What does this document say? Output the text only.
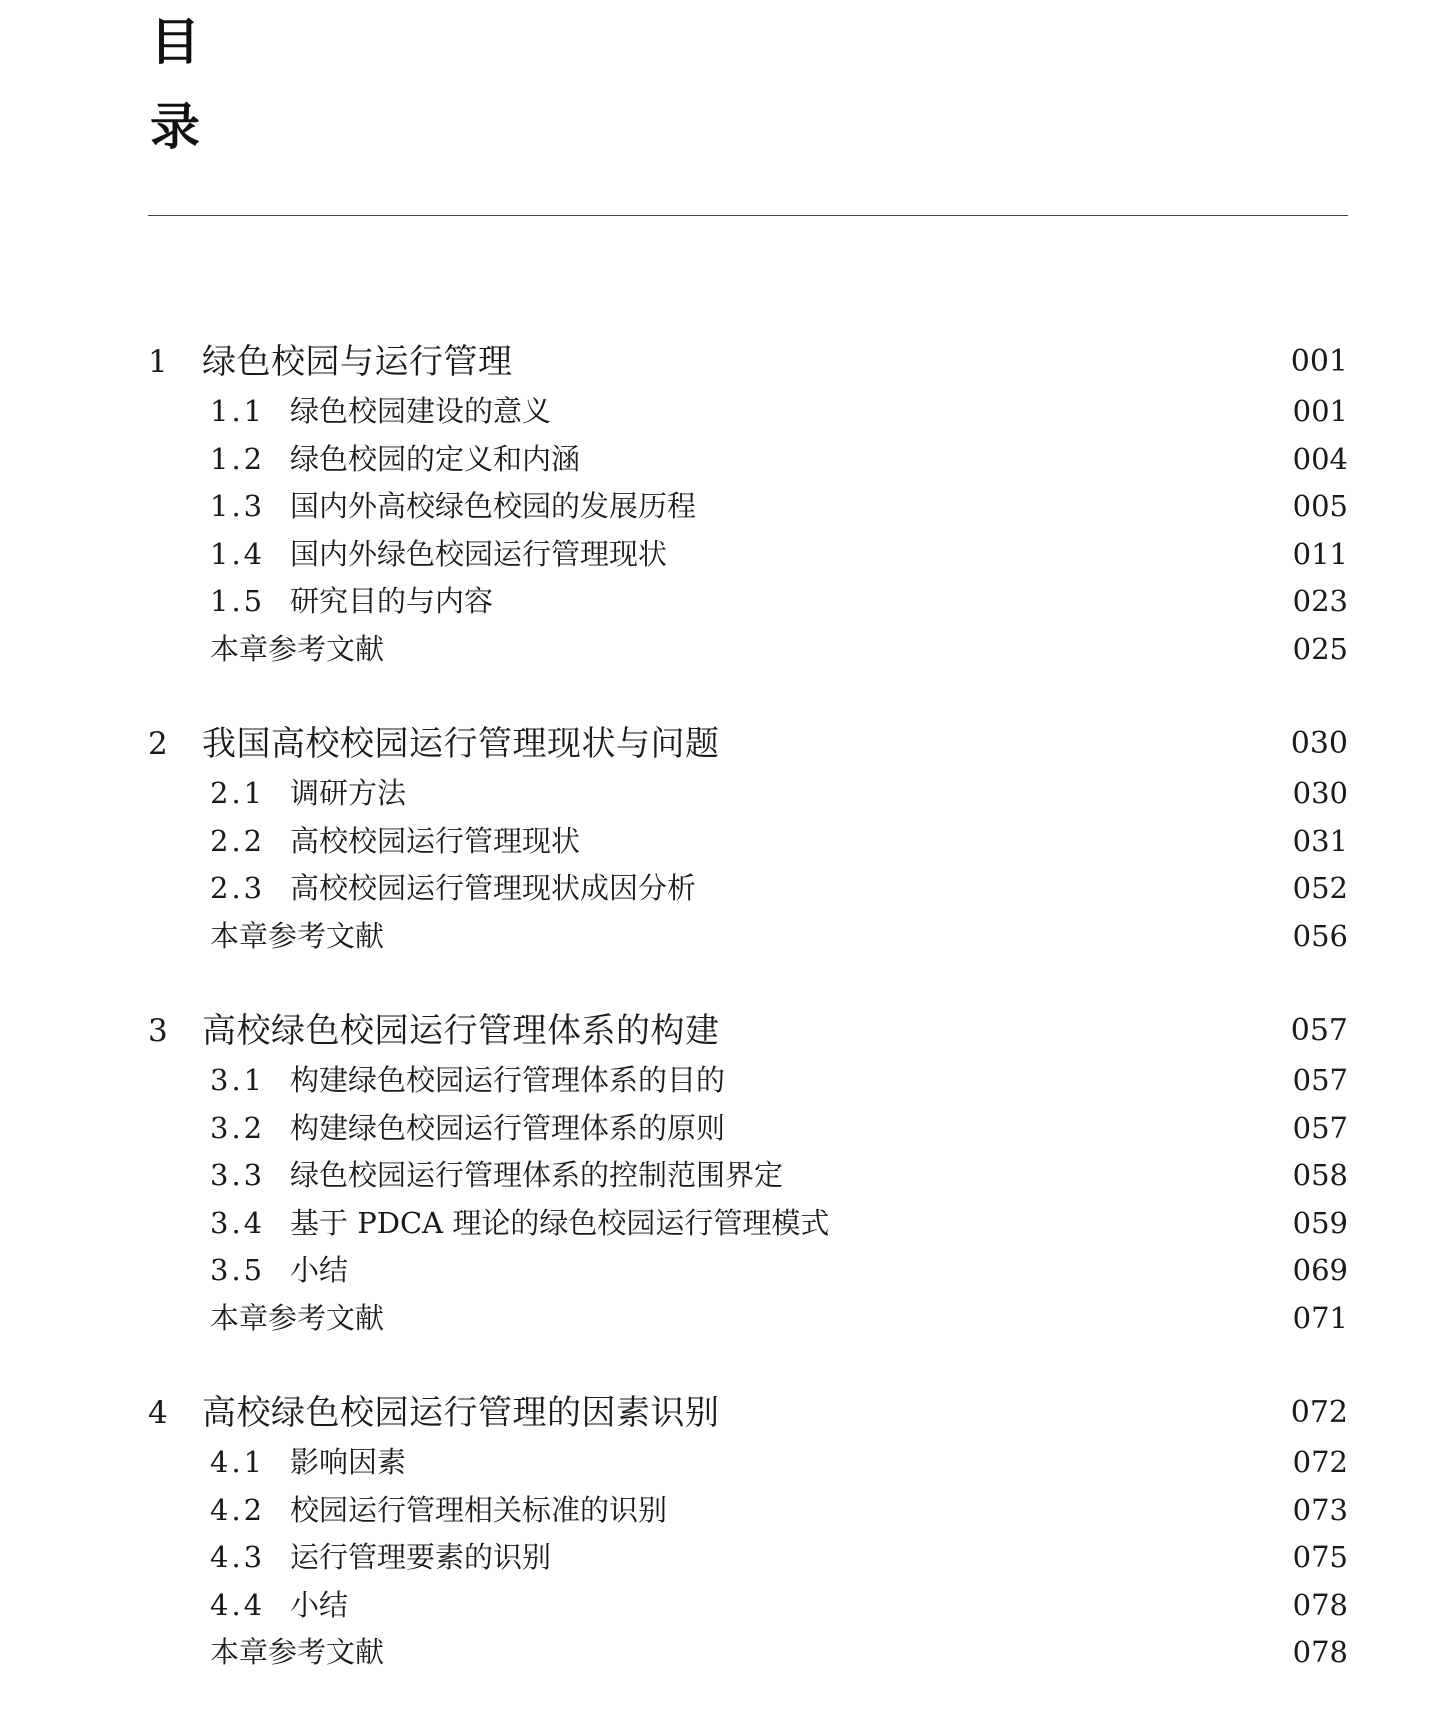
目
录
1 绿色校园与运行管理	001
1.1 绿色校园建设的意义	001
1.2 绿色校园的定义和内涵	004
1.3 国内外高校绿色校园的发展历程	005
1.4 国内外绿色校园运行管理现状	011
1.5 研究目的与内容	023
本章参考文献	025
2 我国高校校园运行管理现状与问题	030
2.1 调研方法	030
2.2 高校校园运行管理现状	031
2.3 高校校园运行管理现状成因分析	052
本章参考文献	056
3 高校绿色校园运行管理体系的构建	057
3.1 构建绿色校园运行管理体系的目的	057
3.2 构建绿色校园运行管理体系的原则	057
3.3 绿色校园运行管理体系的控制范围界定	058
3.4 基于 PDCA 理论的绿色校园运行管理模式	059
3.5 小结	069
本章参考文献	071
4 高校绿色校园运行管理的因素识别	072
4.1 影响因素	072
4.2 校园运行管理相关标准的识别	073
4.3 运行管理要素的识别	075
4.4 小结	078
本章参考文献	078
